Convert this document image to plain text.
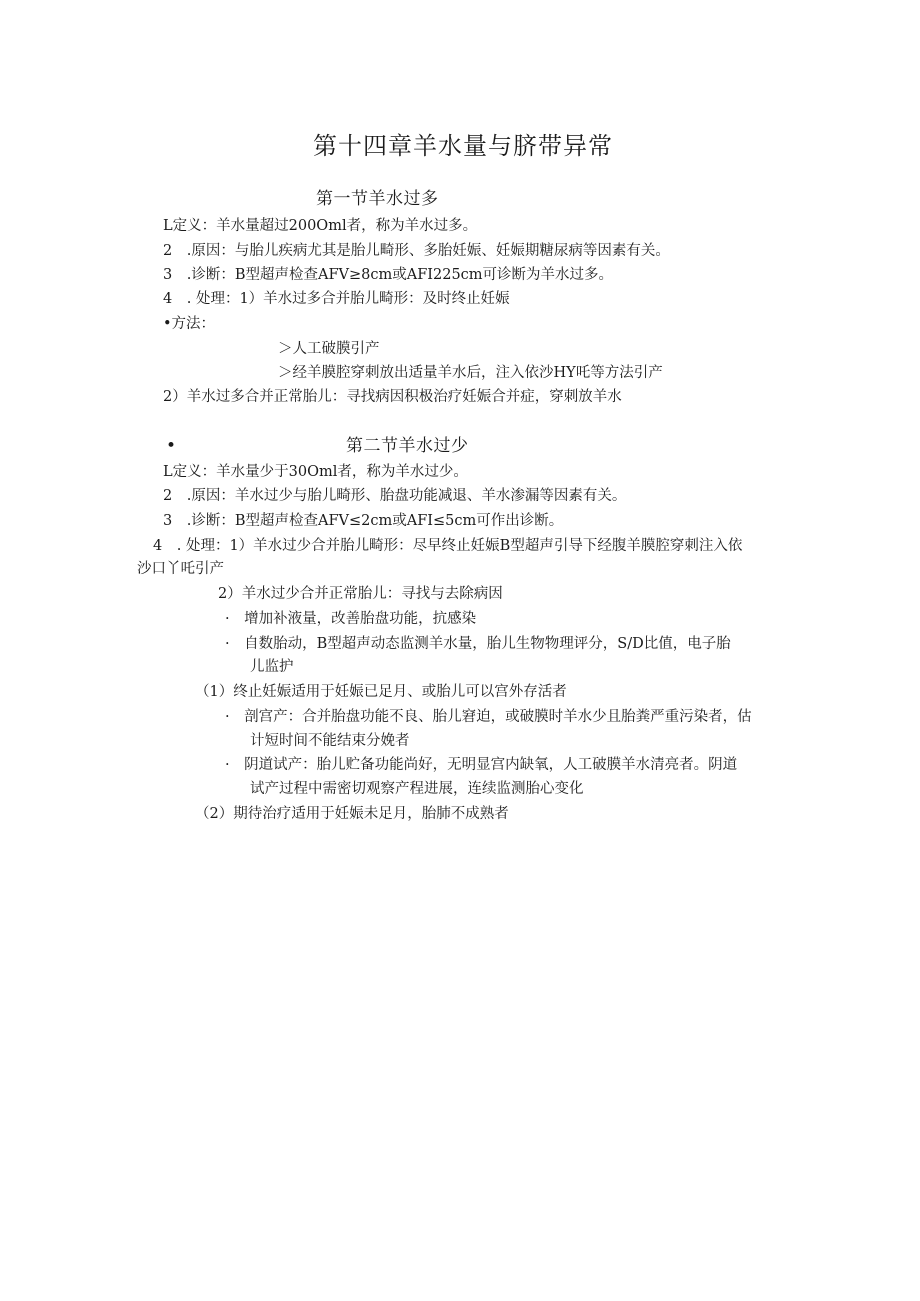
第十四章羊水量与脐带异常
第一节羊水过多
L定义：羊水量超过200Oml者，称为羊水过多。
2　.原因：与胎儿疾病尤其是胎儿畸形、多胎妊娠、妊娠期糖尿病等因素有关。
3　.诊断：B型超声检查AFV≥8cm或AFI225cm可诊断为羊水过多。
4　. 处理：1）羊水过多合并胎儿畸形：及时终止妊娠
•方法：
＞人工破膜引产
＞经羊膜腔穿刺放出适量羊水后，注入依沙HY吒等方法引产
2）羊水过多合并正常胎儿：寻找病因积极治疗妊娠合并症，穿刺放羊水
•	第二节羊水过少
L定义：羊水量少于30Oml者，称为羊水过少。
2　.原因：羊水过少与胎儿畸形、胎盘功能减退、羊水渗漏等因素有关。
3　.诊断：B型超声检查AFV≤2cm或AFI≤5cm可作出诊断。
4　. 处理：1）羊水过少合并胎儿畸形：尽早终止妊娠B型超声引导下经腹羊膜腔穿刺注入依
沙口丫吒引产
2）羊水过少合并正常胎儿：寻找与去除病因
·　增加补液量，改善胎盘功能，抗感染
·　自数胎动，B型超声动态监测羊水量，胎儿生物物理评分，S/D比值，电子胎
儿监护
（1）终止妊娠适用于妊娠已足月、或胎儿可以宫外存活者
·　剖宫产：合并胎盘功能不良、胎儿窘迫，或破膜时羊水少且胎粪严重污染者，估
计短时间不能结束分娩者
·　阴道试产：胎儿贮备功能尚好，无明显宫内缺氧，人工破膜羊水清亮者。阴道
试产过程中需密切观察产程进展，连续监测胎心变化
（2）期待治疗适用于妊娠未足月，胎肺不成熟者
